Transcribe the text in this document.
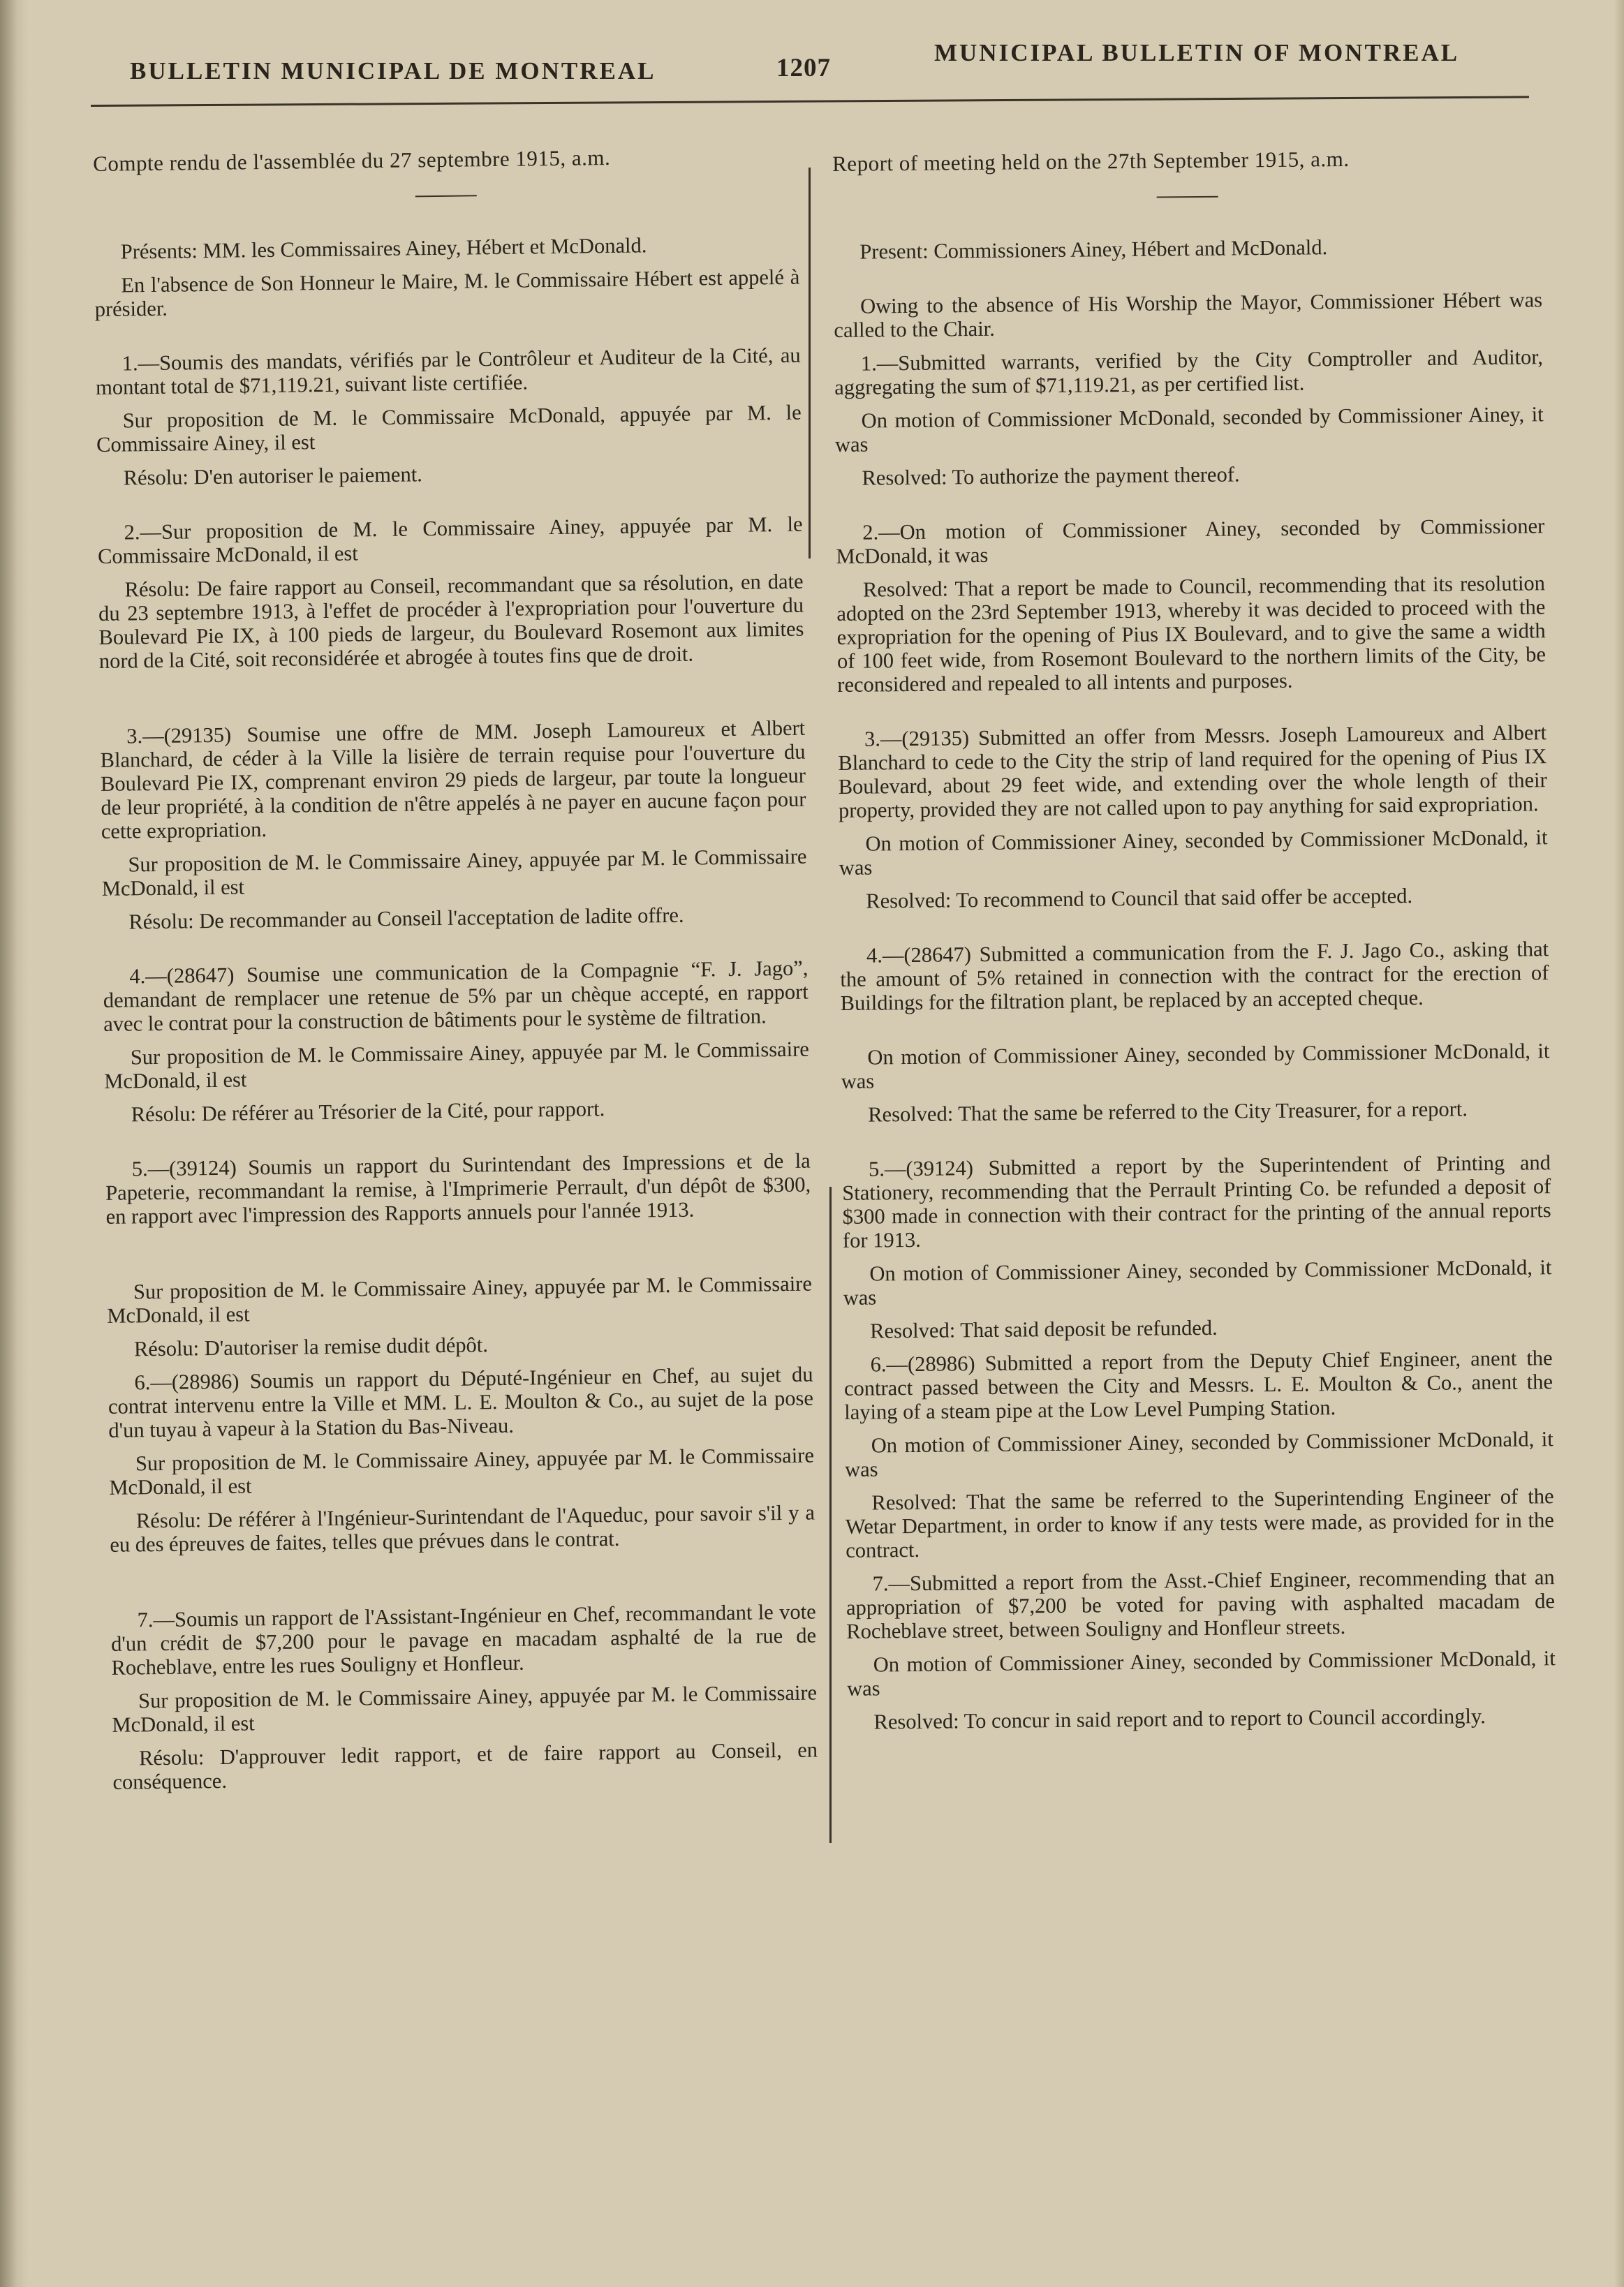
BULLETIN MUNICIPAL DE MONTREAL	1207
MUNICIPAL BULLETIN OF MONTREAL

Compte rendu de l'assemblée du 27 septembre 1915, a.m.

Présents: MM. les Commissaires Ainey, Hébert et McDonald.

En l'absence de Son Honneur le Maire, M. le Commissaire Hébert est appelé à présider.

1.—Soumis des mandats, vérifiés par le Contrôleur et Auditeur de la Cité, au montant total de $71,119.21, suivant liste certifiée.

Sur proposition de M. le Commissaire McDonald, appuyée par M. le Commissaire Ainey, il est

Résolu: D'en autoriser le paiement.

2.—Sur proposition de M. le Commissaire Ainey, appuyée par M. le Commissaire McDonald, il est

Résolu: De faire rapport au Conseil, recommandant que sa résolution, en date du 23 septembre 1913, à l'effet de procéder à l'expropriation pour l'ouverture du Boulevard Pie IX, à 100 pieds de largeur, du Boulevard Rosemont aux limites nord de la Cité, soit reconsidérée et abrogée à toutes fins que de droit.

3.—(29135) Soumise une offre de MM. Joseph Lamoureux et Albert Blanchard, de céder à la Ville la lisière de terrain requise pour l'ouverture du Boulevard Pie IX, comprenant environ 29 pieds de largeur, par toute la longueur de leur propriété, à la condition de n'être appelés à ne payer en aucune façon pour cette expropriation.

Sur proposition de M. le Commissaire Ainey, appuyée par M. le Commissaire McDonald, il est

Résolu: De recommander au Conseil l'acceptation de ladite offre.

4.—(28647) Soumise une communication de la Compagnie “F. J. Jago”, demandant de remplacer une retenue de 5% par un chèque accepté, en rapport avec le contrat pour la construction de bâtiments pour le système de filtration.

Sur proposition de M. le Commissaire Ainey, appuyée par M. le Commissaire McDonald, il est

Résolu: De référer au Trésorier de la Cité, pour rapport.

5.—(39124) Soumis un rapport du Surintendant des Impressions et de la Papeterie, recommandant la remise, à l'Imprimerie Perrault, d'un dépôt de $300, en rapport avec l'impression des Rapports annuels pour l'année 1913.

Sur proposition de M. le Commissaire Ainey, appuyée par M. le Commissaire McDonald, il est

Résolu: D'autoriser la remise dudit dépôt.

6.—(28986) Soumis un rapport du Député-Ingénieur en Chef, au sujet du contrat intervenu entre la Ville et MM. L. E. Moulton & Co., au sujet de la pose d'un tuyau à vapeur à la Station du Bas-Niveau.

Sur proposition de M. le Commissaire Ainey, appuyée par M. le Commissaire McDonald, il est

Résolu: De référer à l'Ingénieur-Surintendant de l'Aqueduc, pour savoir s'il y a eu des épreuves de faites, telles que prévues dans le contrat.

7.—Soumis un rapport de l'Assistant-Ingénieur en Chef, recommandant le vote d'un crédit de $7,200 pour le pavage en macadam asphalté de la rue de Rocheblave, entre les rues Souligny et Honfleur.

Sur proposition de M. le Commissaire Ainey, appuyée par M. le Commissaire McDonald, il est

Résolu: D'approuver ledit rapport, et de faire rapport au Conseil, en conséquence.

Report of meeting held on the 27th September 1915, a.m.

Present: Commissioners Ainey, Hébert and McDonald.

Owing to the absence of His Worship the Mayor, Commissioner Hébert was called to the Chair.

1.—Submitted warrants, verified by the City Comptroller and Auditor, aggregating the sum of $71,119.21, as per certified list.

On motion of Commissioner McDonald, seconded by Commissioner Ainey, it was

Resolved: To authorize the payment thereof.

2.—On motion of Commissioner Ainey, seconded by Commissioner McDonald, it was

Resolved: That a report be made to Council, recommending that its resolution adopted on the 23rd September 1913, whereby it was decided to proceed with the expropriation for the opening of Pius IX Boulevard, and to give the same a width of 100 feet wide, from Rosemont Boulevard to the northern limits of the City, be reconsidered and repealed to all intents and purposes.

3.—(29135) Submitted an offer from Messrs. Joseph Lamoureux and Albert Blanchard to cede to the City the strip of land required for the opening of Pius IX Boulevard, about 29 feet wide, and extending over the whole length of their property, provided they are not called upon to pay anything for said expropriation.

On motion of Commissioner Ainey, seconded by Commissioner McDonald, it was

Resolved: To recommend to Council that said offer be accepted.

4.—(28647) Submitted a communication from the F. J. Jago Co., asking that the amount of 5% retained in connection with the contract for the erection of Buildings for the filtration plant, be replaced by an accepted cheque.

On motion of Commissioner Ainey, seconded by Commissioner McDonald, it was

Resolved: That the same be referred to the City Treasurer, for a report.

5.—(39124) Submitted a report by the Superintendent of Printing and Stationery, recommending that the Perrault Printing Co. be refunded a deposit of $300 made in connection with their contract for the printing of the annual reports for 1913.

On motion of Commissioner Ainey, seconded by Commissioner McDonald, it was

Resolved: That said deposit be refunded.

6.—(28986) Submitted a report from the Deputy Chief Engineer, anent the contract passed between the City and Messrs. L. E. Moulton & Co., anent the laying of a steam pipe at the Low Level Pumping Station.

On motion of Commissioner Ainey, seconded by Commissioner McDonald, it was

Resolved: That the same be referred to the Superintending Engineer of the Wetar Department, in order to know if any tests were made, as provided for in the contract.

7.—Submitted a report from the Asst.-Chief Engineer, recommending that an appropriation of $7,200 be voted for paving with asphalted macadam de Rocheblave street, between Souligny and Honfleur streets.

On motion of Commissioner Ainey, seconded by Commissioner McDonald, it was

Resolved: To concur in said report and to report to Council accordingly.
